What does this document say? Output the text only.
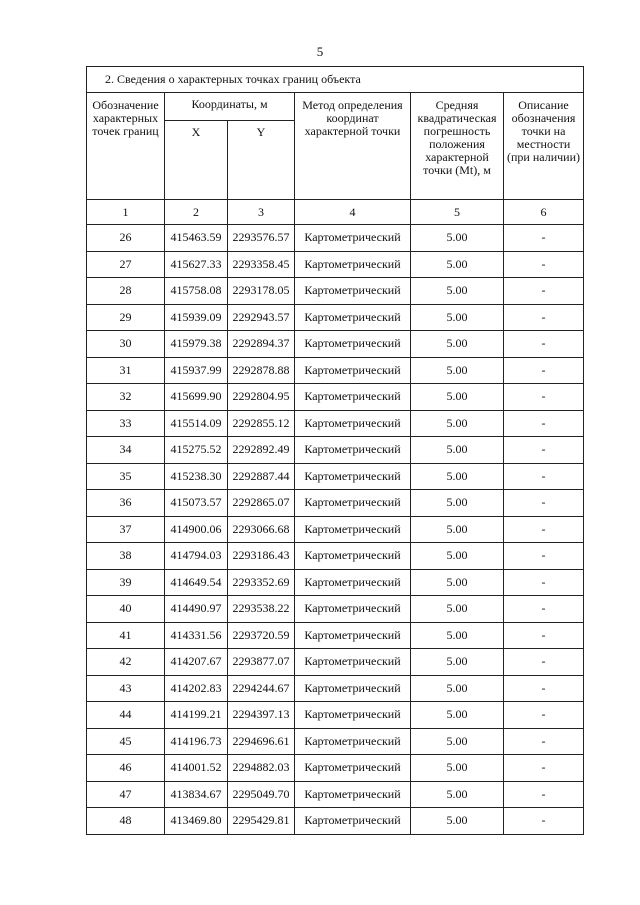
5
2. Сведения о характерных точках границ объекта					
Обозначение характерных точек границ	Координаты, м		Метод определения координат характерной точки	Средняя квадратическая погрешность положения характерной точки (Mt), м	Описание обозначения точки на местности (при наличии)
	X	Y			
1	2	3	4	5	6
26	415463.59	2293576.57	Картометрический	5.00	-
27	415627.33	2293358.45	Картометрический	5.00	-
28	415758.08	2293178.05	Картометрический	5.00	-
29	415939.09	2292943.57	Картометрический	5.00	-
30	415979.38	2292894.37	Картометрический	5.00	-
31	415937.99	2292878.88	Картометрический	5.00	-
32	415699.90	2292804.95	Картометрический	5.00	-
33	415514.09	2292855.12	Картометрический	5.00	-
34	415275.52	2292892.49	Картометрический	5.00	-
35	415238.30	2292887.44	Картометрический	5.00	-
36	415073.57	2292865.07	Картометрический	5.00	-
37	414900.06	2293066.68	Картометрический	5.00	-
38	414794.03	2293186.43	Картометрический	5.00	-
39	414649.54	2293352.69	Картометрический	5.00	-
40	414490.97	2293538.22	Картометрический	5.00	-
41	414331.56	2293720.59	Картометрический	5.00	-
42	414207.67	2293877.07	Картометрический	5.00	-
43	414202.83	2294244.67	Картометрический	5.00	-
44	414199.21	2294397.13	Картометрический	5.00	-
45	414196.73	2294696.61	Картометрический	5.00	-
46	414001.52	2294882.03	Картометрический	5.00	-
47	413834.67	2295049.70	Картометрический	5.00	-
48	413469.80	2295429.81	Картометрический	5.00	-
